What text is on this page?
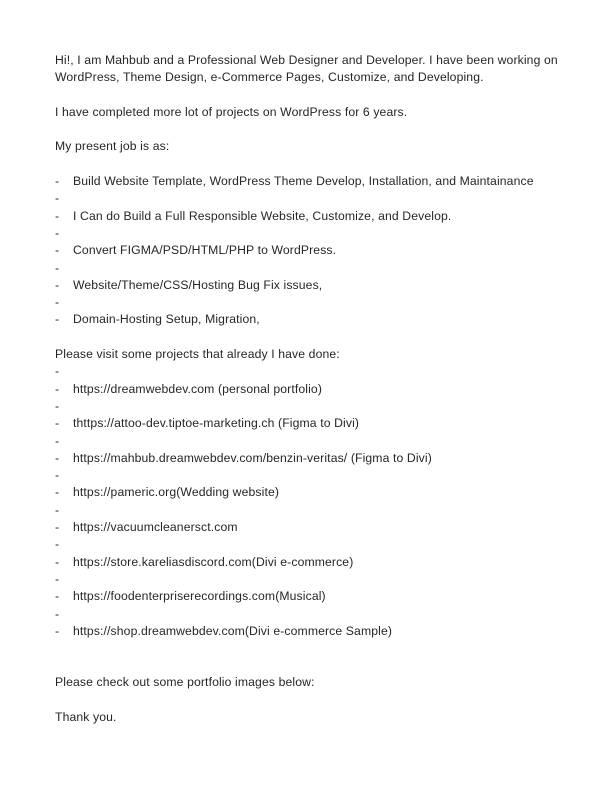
Hi!, I am Mahbub and a Professional Web Designer and Developer. I have been working on WordPress, Theme Design, e-Commerce Pages, Customize, and Developing.

I have completed more lot of projects on WordPress for 6 years.

My present job is as:

- Build Website Template, WordPress Theme Develop, Installation, and Maintainance
-
- I Can do Build a Full Responsible Website, Customize, and Develop.
-
- Convert FIGMA/PSD/HTML/PHP to WordPress.
-
- Website/Theme/CSS/Hosting Bug Fix issues,
-
- Domain-Hosting Setup, Migration,

Please visit some projects that already I have done:

-
- https://dreamwebdev.com (personal portfolio)
-
- thttps://attoo-dev.tiptoe-marketing.ch (Figma to Divi)
-
- https://mahbub.dreamwebdev.com/benzin-veritas/ (Figma to Divi)
-
- https://pameric.org(Wedding website)
-
- https://vacuumcleanersct.com
-
- https://store.kareliasdiscord.com(Divi e-commerce)
-
- https://foodenterpriserecordings.com(Musical)
-
- https://shop.dreamwebdev.com(Divi e-commerce Sample)

Please check out some portfolio images below:

Thank you.
